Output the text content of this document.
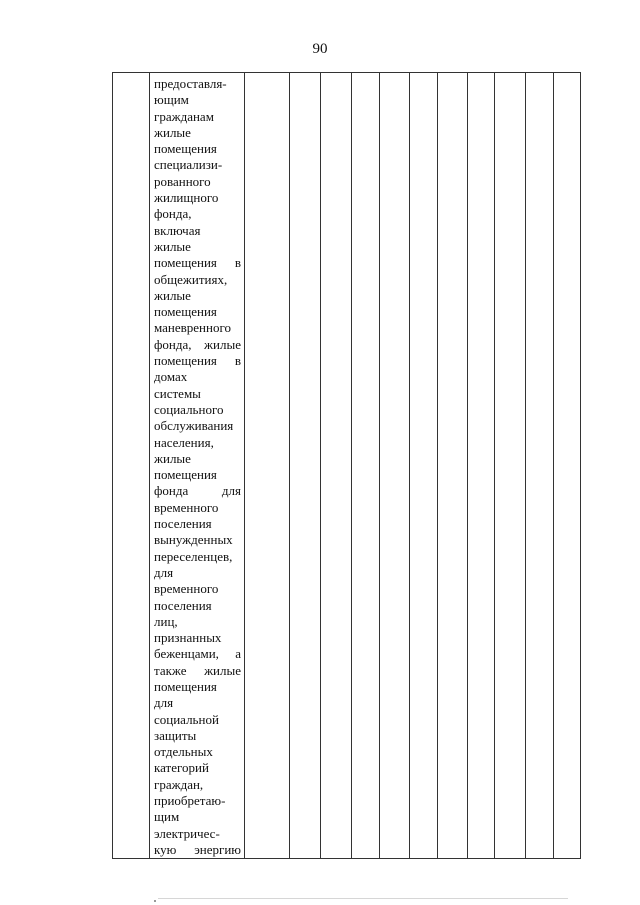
90

предоставля-
ющим
гражданам
жилые
помещения
специализи-
рованного
жилищного
фонда,
включая
жилые
помещения в
общежитиях,
жилые
помещения
маневренного
фонда, жилые
помещения в
домах
системы
социального
обслуживания
населения,
жилые
помещения
фонда для
временного
поселения
вынужденных
переселенцев,
для
временного
поселения
лиц,
признанных
беженцами, а
также жилые
помещения
для
социальной
защиты
отдельных
категорий
граждан,
приобретаю-
щим
электричес-
кую энергию
